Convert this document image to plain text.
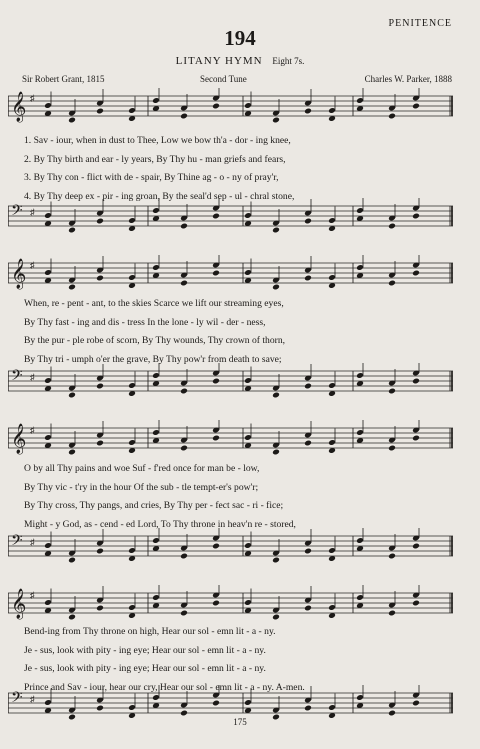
PENITENCE
194
LITANY HYMN Eight 7s.
Sir Robert Grant, 1815	Second Tune	Charles W. Parker, 1888
𝄞 ♯
1. Sav - iour, when in dust to Thee, Low we bow th'a - dor - ing knee,
2. By Thy birth and ear - ly years, By Thy hu - man griefs and fears,
3. By Thy con - flict with de - spair, By Thine ag - o - ny of pray'r,
4. By Thy deep ex - pir - ing groan, By the seal'd sep - ul - chral stone,
𝄢 ♯
𝄞 ♯
When, re - pent - ant, to the skies Scarce we lift our streaming eyes,
By Thy fast - ing and dis - tress In the lone - ly wil - der - ness,
By the pur - ple robe of scorn, By Thy wounds, Thy crown of thorn,
By Thy tri - umph o'er the grave, By Thy pow'r from death to save;
𝄢 ♯
𝄞 ♯
O by all Thy pains and woe Suf - f'red once for man be - low,
By Thy vic - t'ry in the hour Of the sub - tle tempt-er's pow'r;
By Thy cross, Thy pangs, and cries, By Thy per - fect sac - ri - fice;
Might - y God, as - cend - ed Lord, To Thy throne in heav'n re - stored,
𝄢 ♯
𝄞 ♯
Bend-ing from Thy throne on high, Hear our sol - emn lit - a - ny.
Je - sus, look with pity - ing eye; Hear our sol - emn lit - a - ny.
Je - sus, look with pity - ing eye; Hear our sol - emn lit - a - ny.
Prince and Sav - iour, hear our cry, Hear our sol - emn lit - a - ny. A-men.
𝄢 ♯
175
